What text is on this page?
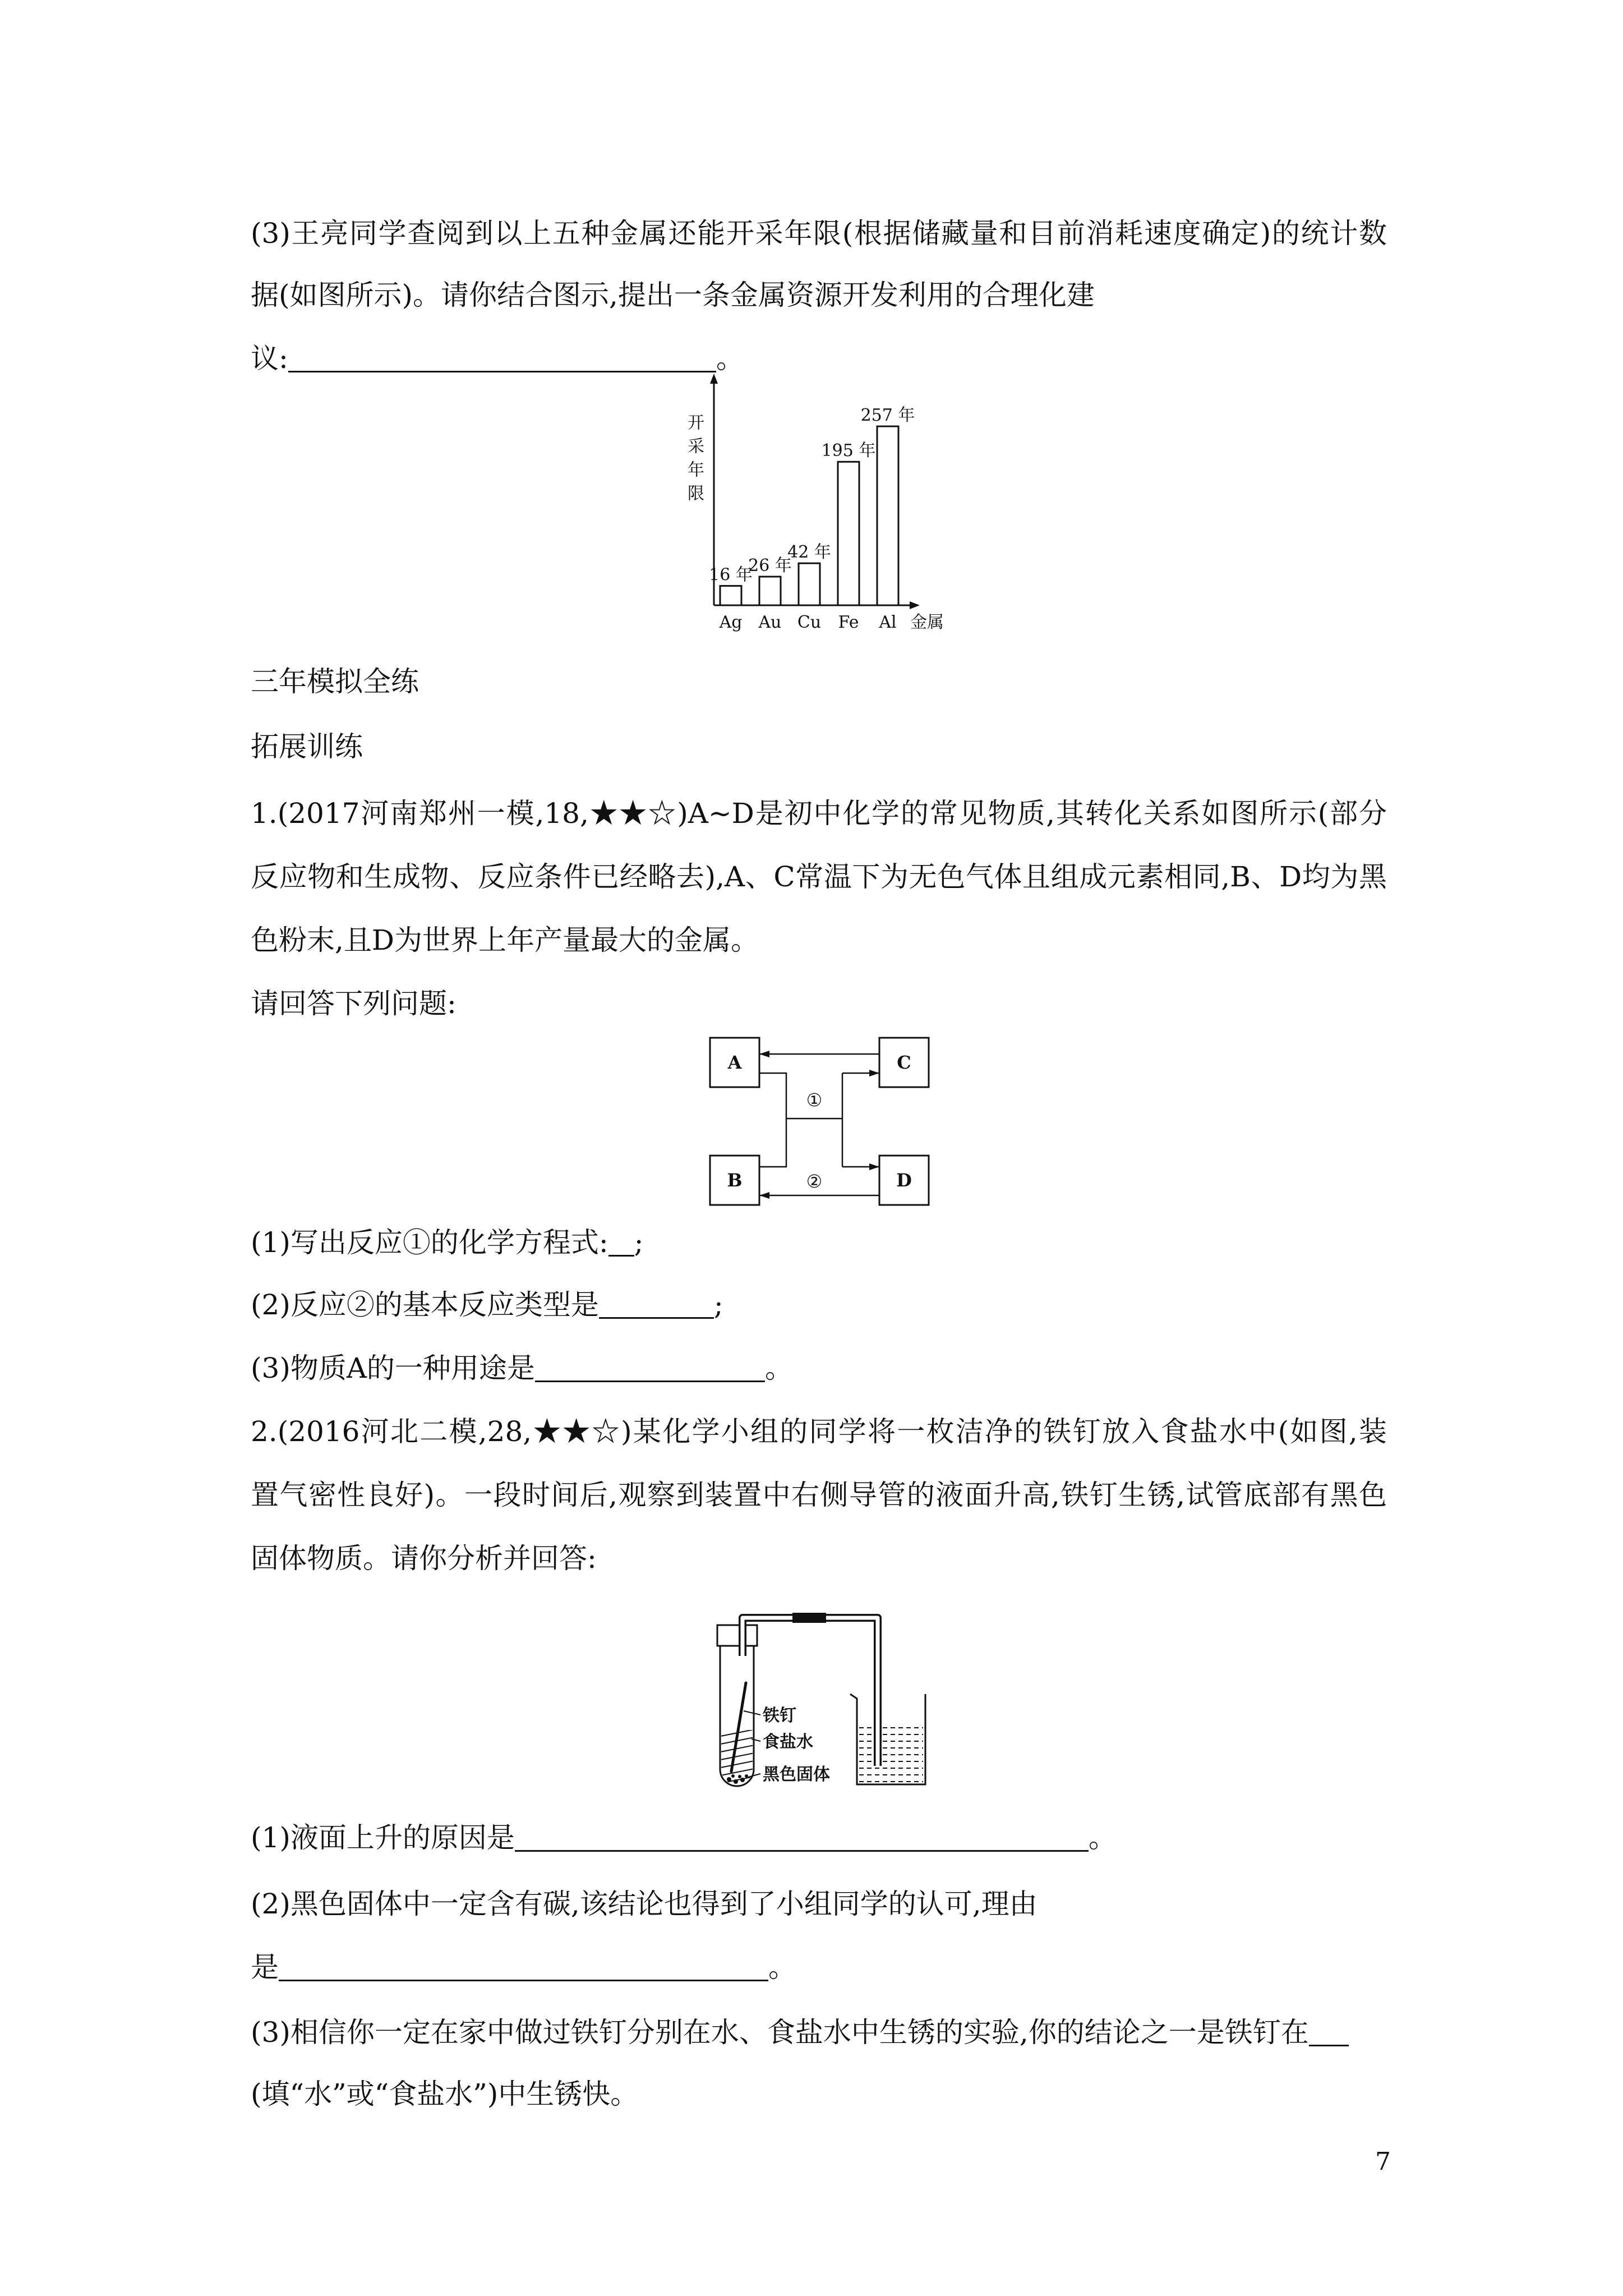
(3)王亮同学查阅到以上五种金属还能开采年限(根据储藏量和目前消耗速度确定)的统计数
据(如图所示)。请你结合图示,提出一条金属资源开发利用的合理化建
议:	。
16 年
Ag
26 年
Au
42 年
Cu
195 年
Fe
257 年
Al 金属
开采年限
三年模拟全练
拓展训练
1.(2017河南郑州一模,18,★★☆)A~D是初中化学的常见物质,其转化关系如图所示(部分
反应物和生成物、反应条件已经略去),A、C常温下为无色气体且组成元素相同,B、D均为黑
色粉末,且D为世界上年产量最大的金属。
请回答下列问题:
A	C
B	D
①
②
(1)写出反应①的化学方程式: ;
(2)反应②的基本反应类型是	;
(3)物质A的一种用途是	。
2.(2016河北二模,28,★★☆)某化学小组的同学将一枚洁净的铁钉放入食盐水中(如图,装
置气密性良好)。一段时间后,观察到装置中右侧导管的液面升高,铁钉生锈,试管底部有黑色
固体物质。请你分析并回答:
铁钉
食盐水
黑色固体
(1)液面上升的原因是	。
(2)黑色固体中一定含有碳,该结论也得到了小组同学的认可,理由
是	。
(3)相信你一定在家中做过铁钉分别在水、食盐水中生锈的实验,你的结论之一是铁钉在
(填“水”或“食盐水”)中生锈快。
7
